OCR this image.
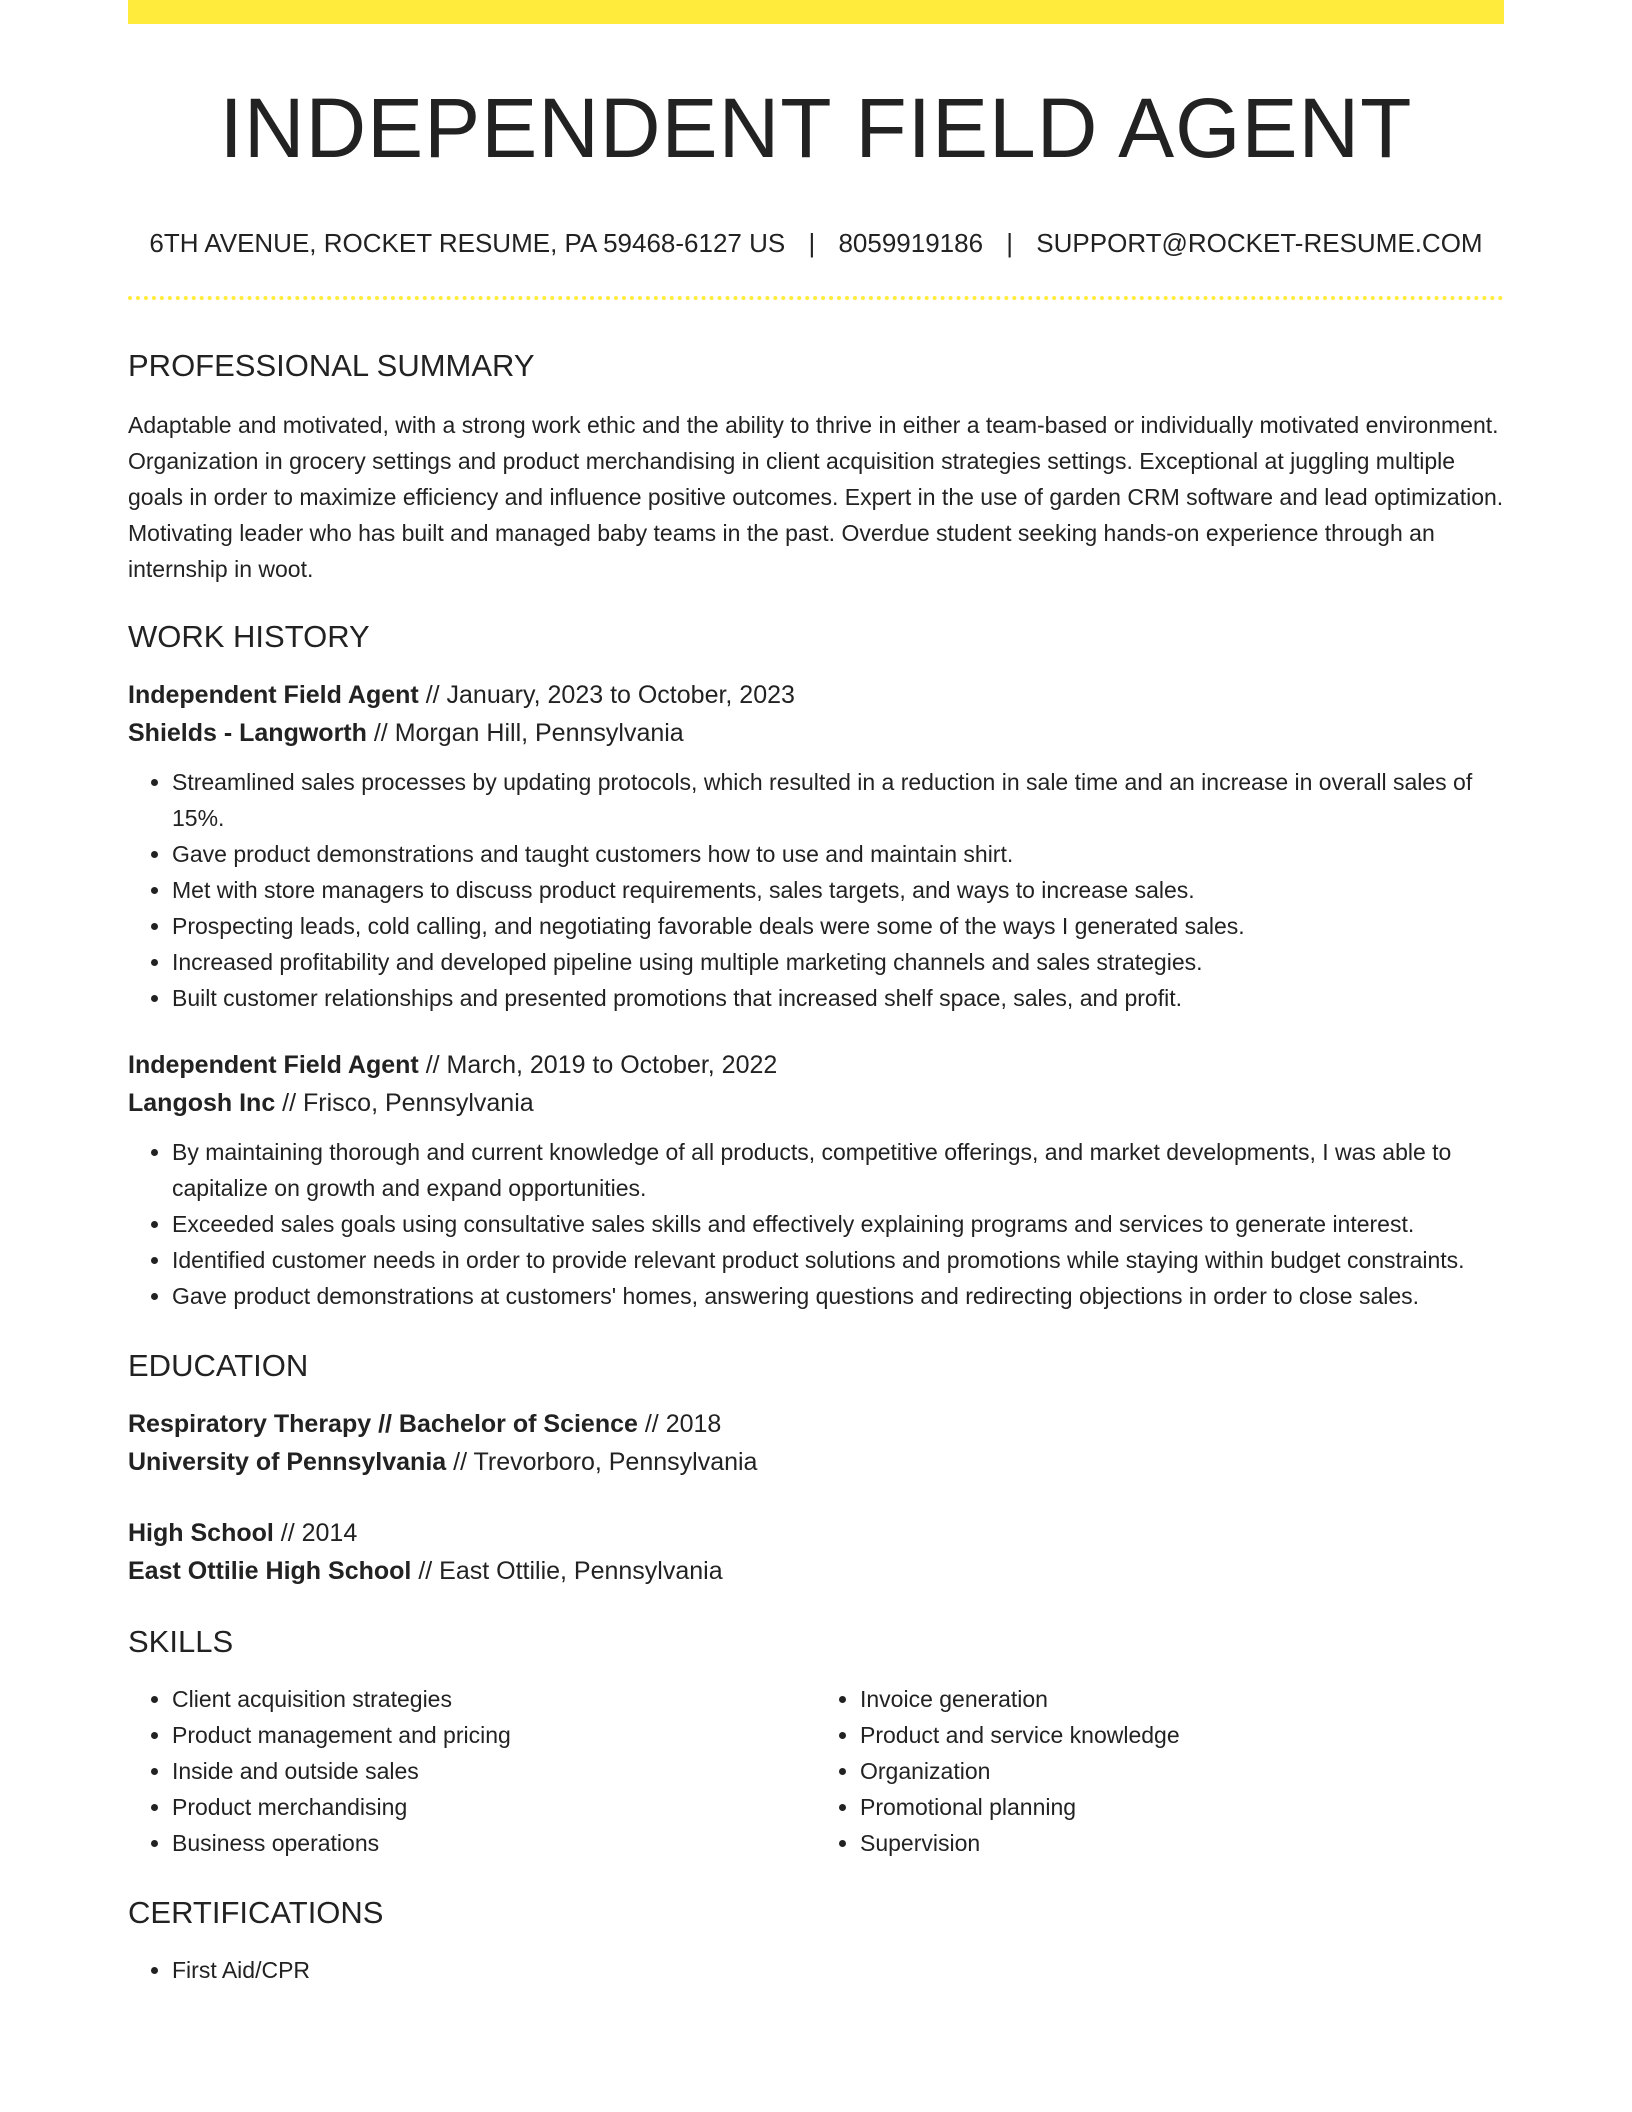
INDEPENDENT FIELD AGENT
6TH AVENUE, ROCKET RESUME, PA 59468-6127 US | 8059919186 | SUPPORT@ROCKET-RESUME.COM
PROFESSIONAL SUMMARY
Adaptable and motivated, with a strong work ethic and the ability to thrive in either a team-based or individually motivated environment. Organization in grocery settings and product merchandising in client acquisition strategies settings. Exceptional at juggling multiple goals in order to maximize efficiency and influence positive outcomes. Expert in the use of garden CRM software and lead optimization. Motivating leader who has built and managed baby teams in the past. Overdue student seeking hands-on experience through an internship in woot.
WORK HISTORY
Independent Field Agent // January, 2023 to October, 2023
Shields - Langworth // Morgan Hill, Pennsylvania
• Streamlined sales processes by updating protocols, which resulted in a reduction in sale time and an increase in overall sales of 15%.
• Gave product demonstrations and taught customers how to use and maintain shirt.
• Met with store managers to discuss product requirements, sales targets, and ways to increase sales.
• Prospecting leads, cold calling, and negotiating favorable deals were some of the ways I generated sales.
• Increased profitability and developed pipeline using multiple marketing channels and sales strategies.
• Built customer relationships and presented promotions that increased shelf space, sales, and profit.
Independent Field Agent // March, 2019 to October, 2022
Langosh Inc // Frisco, Pennsylvania
• By maintaining thorough and current knowledge of all products, competitive offerings, and market developments, I was able to capitalize on growth and expand opportunities.
• Exceeded sales goals using consultative sales skills and effectively explaining programs and services to generate interest.
• Identified customer needs in order to provide relevant product solutions and promotions while staying within budget constraints.
• Gave product demonstrations at customers' homes, answering questions and redirecting objections in order to close sales.
EDUCATION
Respiratory Therapy // Bachelor of Science // 2018
University of Pennsylvania // Trevorboro, Pennsylvania
High School // 2014
East Ottilie High School // East Ottilie, Pennsylvania
SKILLS
• Client acquisition strategies
• Product management and pricing
• Inside and outside sales
• Product merchandising
• Business operations
• Invoice generation
• Product and service knowledge
• Organization
• Promotional planning
• Supervision
CERTIFICATIONS
• First Aid/CPR
